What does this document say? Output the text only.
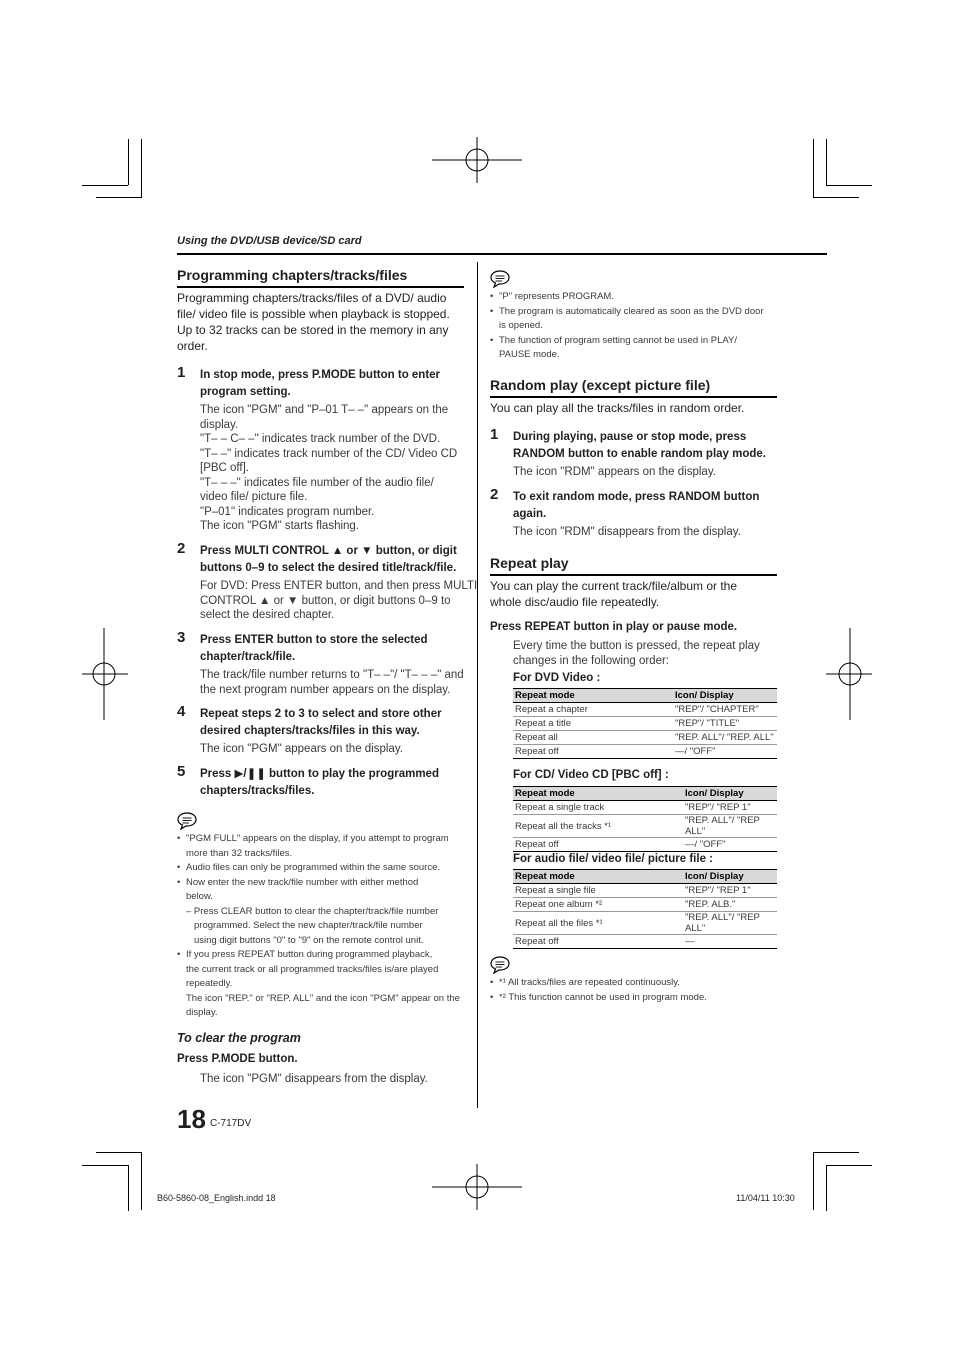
Using the DVD/USB device/SD card
Programming chapters/tracks/files
Programming chapters/tracks/files of a DVD/ audio
file/ video file is possible when playback is stopped.
Up to 32 tracks can be stored in the memory in any
order.
1 In stop mode, press P.MODE button to enter
program setting.
The icon "PGM" and "P–01 T– –" appears on the
display.
"T– – C– –" indicates track number of the DVD.
"T– –" indicates track number of the CD/ Video CD
[PBC off].
"T– – –" indicates file number of the audio file/
video file/ picture file.
"P–01" indicates program number.
The icon "PGM" starts flashing.
2 Press MULTI CONTROL ▲ or ▼ button, or digit
buttons 0–9 to select the desired title/track/file.
For DVD: Press ENTER button, and then press MULTI
CONTROL ▲ or ▼ button, or digit buttons 0–9 to
select the desired chapter.
3 Press ENTER button to store the selected
chapter/track/file.
The track/file number returns to "T– –"/ "T– – –" and
the next program number appears on the display.
4 Repeat steps 2 to 3 to select and store other
desired chapters/tracks/files in this way.
The icon "PGM" appears on the display.
5 Press ▶/❚❚ button to play the programmed
chapters/tracks/files.
• "PGM FULL" appears on the display, if you attempt to program
more than 32 tracks/files.
• Audio files can only be programmed within the same source.
• Now enter the new track/file number with either method
below.
– Press CLEAR button to clear the chapter/track/file number
programmed. Select the new chapter/track/file number
using digit buttons "0" to "9" on the remote control unit.
• If you press REPEAT button during programmed playback,
the current track or all programmed tracks/files is/are played
repeatedly.
The icon "REP." or "REP. ALL" and the icon "PGM" appear on the
display.
To clear the program
Press P.MODE button.
The icon "PGM" disappears from the display.
18 C-717DV
• "P" represents PROGRAM.
• The program is automatically cleared as soon as the DVD door
is opened.
• The function of program setting cannot be used in PLAY/
PAUSE mode.
Random play (except picture file)
You can play all the tracks/files in random order.
1 During playing, pause or stop mode, press
RANDOM button to enable random play mode.
The icon "RDM" appears on the display.
2 To exit random mode, press RANDOM button
again.
The icon "RDM" disappears from the display.
Repeat play
You can play the current track/file/album or the
whole disc/audio file repeatedly.
Press REPEAT button in play or pause mode.
Every time the button is pressed, the repeat play
changes in the following order:
For DVD Video :
Repeat mode	Icon/ Display
Repeat a chapter	"REP"/ "CHAPTER"
Repeat a title	"REP"/ "TITLE"
Repeat all	"REP. ALL"/ "REP. ALL"
Repeat off	—/ "OFF"
For CD/ Video CD [PBC off] :
Repeat mode	Icon/ Display
Repeat a single track	"REP"/ "REP 1"
Repeat all the tracks *¹	"REP. ALL"/ "REP ALL"
Repeat off	—/ "OFF"
For audio file/ video file/ picture file :
Repeat mode	Icon/ Display
Repeat a single file	"REP"/ "REP 1"
Repeat one album *²	"REP. ALB."
Repeat all the files *¹	"REP. ALL"/ "REP ALL"
Repeat off	—
• *¹ All tracks/files are repeated continuously.
• *² This function cannot be used in program mode.
B60-5860-08_English.indd 18	11/04/11 10:30
